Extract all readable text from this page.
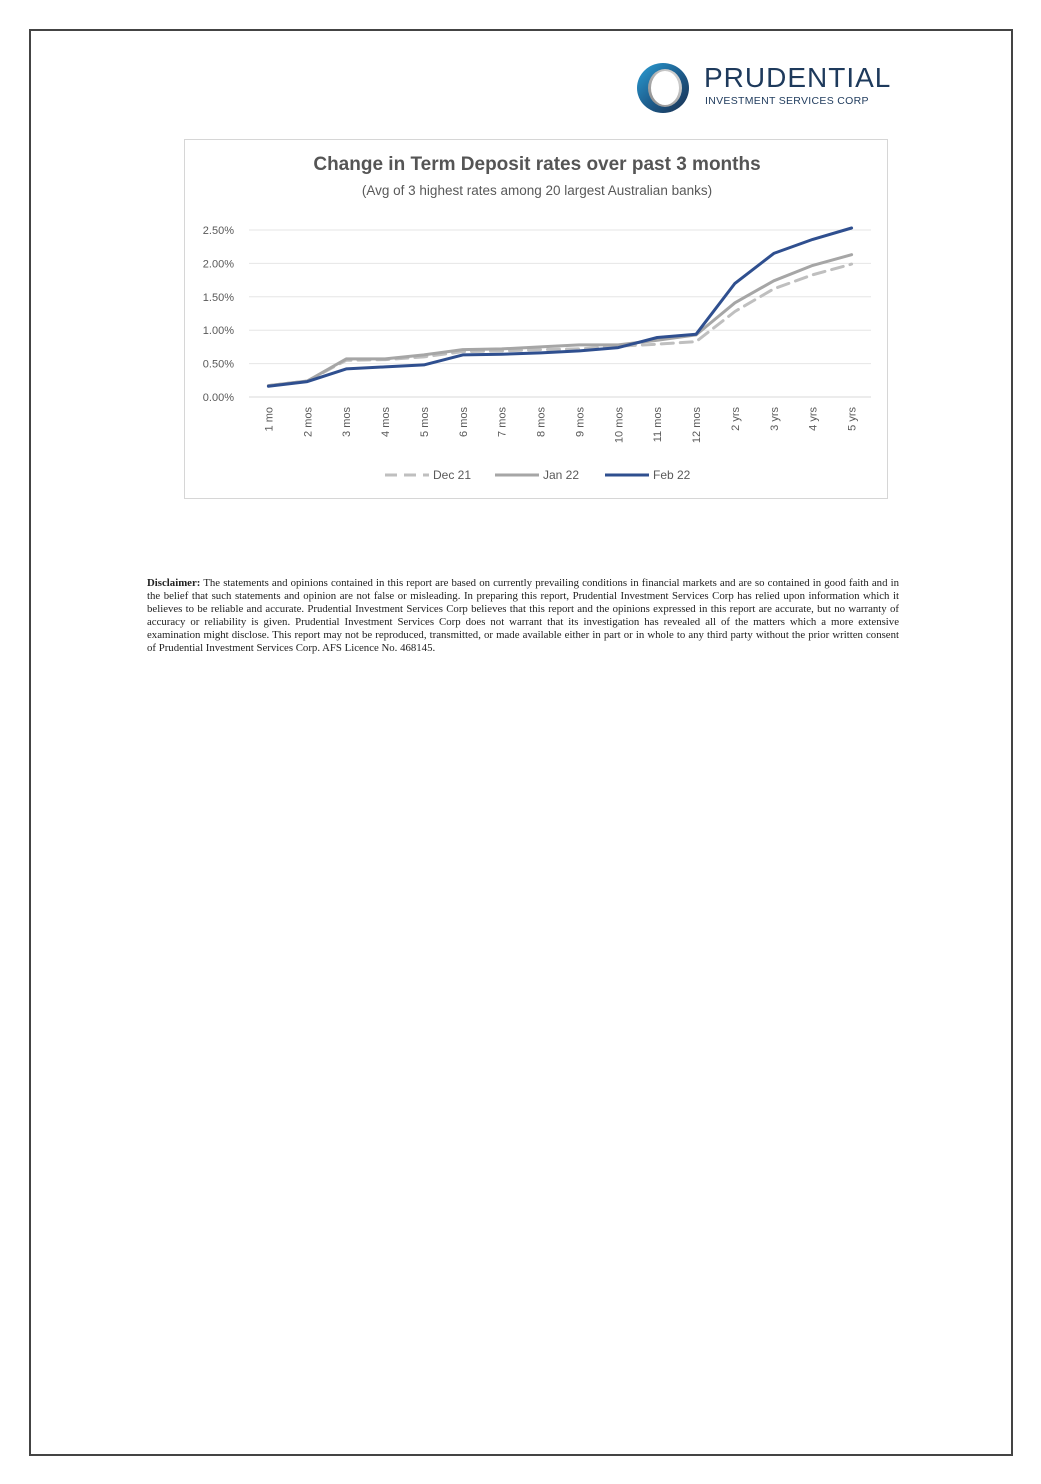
PRUDENTIAL
INVESTMENT SERVICES CORP
Change in Term Deposit rates over past 3 months
(Avg of 3 highest rates among 20 largest Australian banks)
0.00%
0.50%
1.00%
1.50%
2.00%
2.50%
1 mo 2 mos 3 mos 4 mos 5 mos 6 mos 7 mos 8 mos 9 mos 10 mos 11 mos 12 mos 2 yrs 3 yrs 4 yrs 5 yrs
Dec 21	Jan 22	Feb 22
Disclaimer: The statements and opinions contained in this report are based on currently prevailing conditions in financial markets and are so contained in good faith and in the belief that such statements and opinion are not false or misleading. In preparing this report, Prudential Investment Services Corp has relied upon information which it believes to be reliable and accurate. Prudential Investment Services Corp believes that this report and the opinions expressed in this report are accurate, but no warranty of accuracy or reliability is given. Prudential Investment Services Corp does not warrant that its investigation has revealed all of the matters which a more extensive examination might disclose. This report may not be reproduced, transmitted, or made available either in part or in whole to any third party without the prior written consent of Prudential Investment Services Corp. AFS Licence No. 468145.
